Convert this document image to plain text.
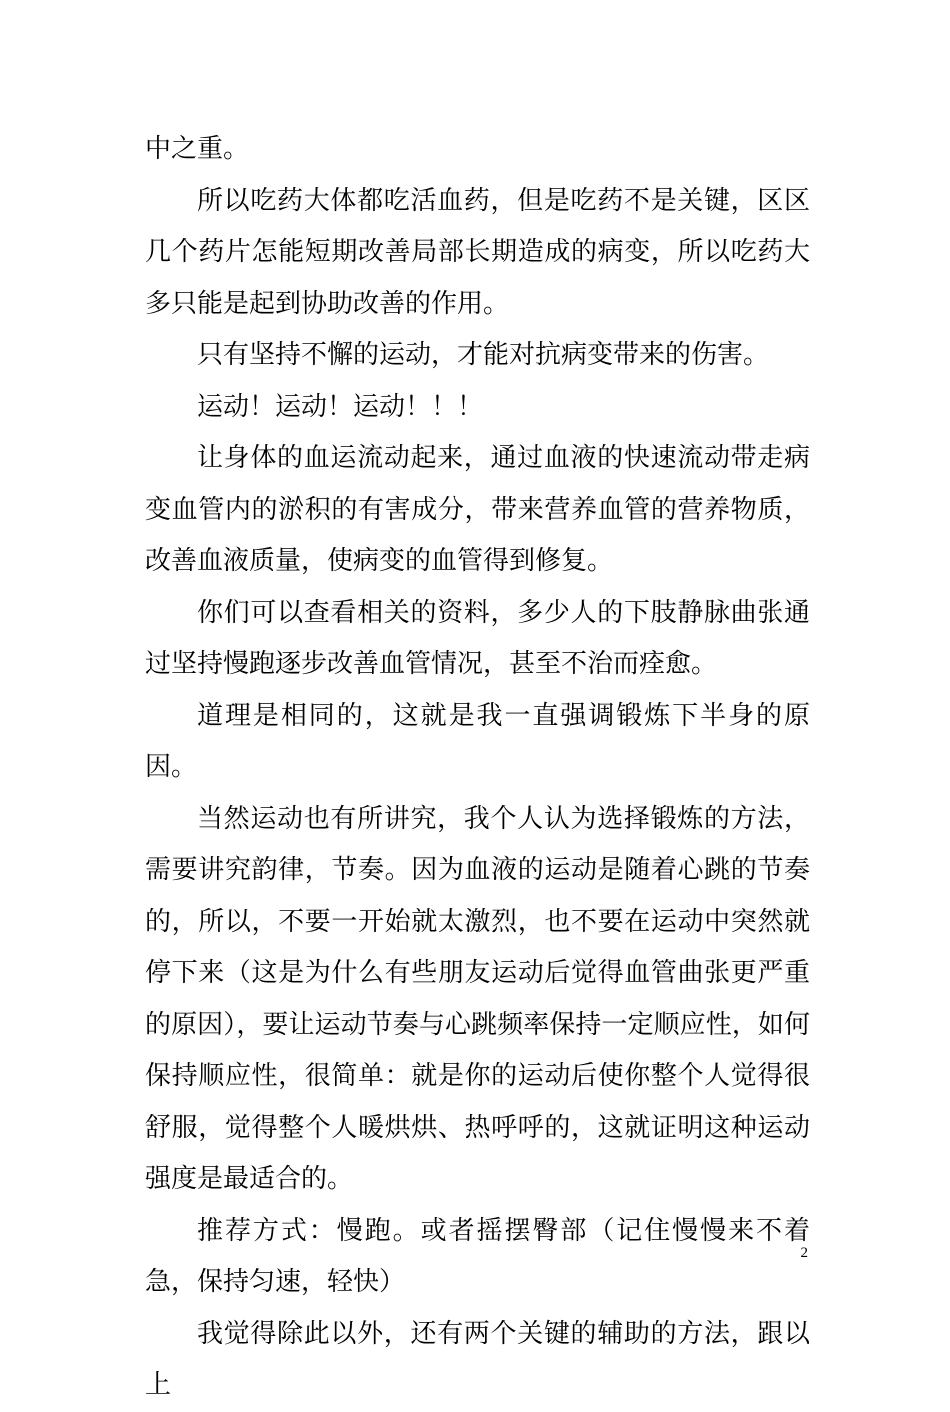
中之重。

所以吃药大体都吃活血药，但是吃药不是关键，区区几个药片怎能短期改善局部长期造成的病变，所以吃药大多只能是起到协助改善的作用。

只有坚持不懈的运动，才能对抗病变带来的伤害。

运动！运动！运动！！！

让身体的血运流动起来，通过血液的快速流动带走病变血管内的淤积的有害成分，带来营养血管的营养物质，改善血液质量，使病变的血管得到修复。

你们可以查看相关的资料，多少人的下肢静脉曲张通过坚持慢跑逐步改善血管情况，甚至不治而痊愈。

道理是相同的，这就是我一直强调锻炼下半身的原因。

当然运动也有所讲究，我个人认为选择锻炼的方法，需要讲究韵律，节奏。因为血液的运动是随着心跳的节奏的，所以，不要一开始就太激烈，也不要在运动中突然就停下来（这是为什么有些朋友运动后觉得血管曲张更严重的原因），要让运动节奏与心跳频率保持一定顺应性，如何保持顺应性，很简单：就是你的运动后使你整个人觉得很舒服，觉得整个人暖烘烘、热呼呼的，这就证明这种运动强度是最适合的。

推荐方式：慢跑。或者摇摆臀部（记住慢慢来不着急，保持匀速，轻快）

我觉得除此以外，还有两个关键的辅助的方法，跟以上

2
